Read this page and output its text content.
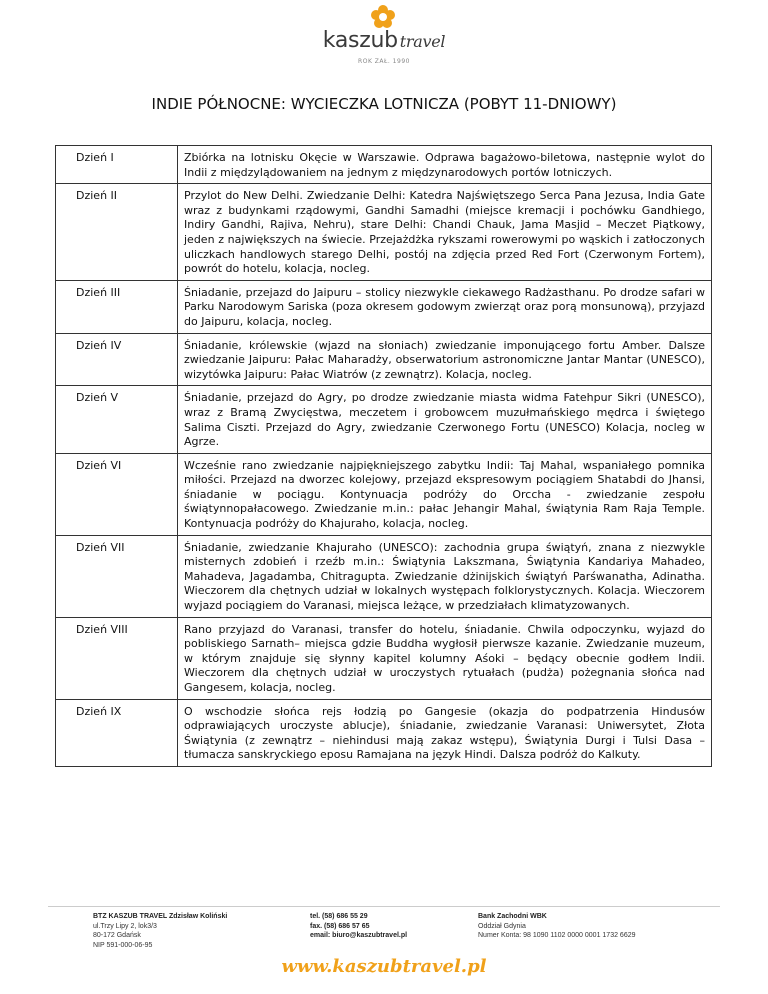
kaszub travel
ROK ZAŁ. 1990
INDIE PÓŁNOCNE: WYCIECZKA LOTNICZA (POBYT 11-DNIOWY)
Dzień I	Zbiórka na lotnisku Okęcie w Warszawie. Odprawa bagażowo-biletowa, następnie wylot do Indii z międzylądowaniem na jednym z międzynarodowych portów lotniczych.
Dzień II	Przylot do New Delhi. Zwiedzanie Delhi: Katedra Najświętszego Serca Pana Jezusa, India Gate wraz z budynkami rządowymi, Gandhi Samadhi (miejsce kremacji i pochówku Gandhiego, Indiry Gandhi, Rajiva, Nehru), stare Delhi: Chandi Chauk, Jama Masjid – Meczet Piątkowy, jeden z największych na świecie. Przejażdżka rykszami rowerowymi po wąskich i zatłoczonych uliczkach handlowych starego Delhi, postój na zdjęcia przed Red Fort (Czerwonym Fortem), powrót do hotelu, kolacja, nocleg.
Dzień III	Śniadanie, przejazd do Jaipuru – stolicy niezwykle ciekawego Radżasthanu. Po drodze safari w Parku Narodowym Sariska (poza okresem godowym zwierząt oraz porą monsunową), przyjazd do Jaipuru, kolacja, nocleg.
Dzień IV	Śniadanie, królewskie (wjazd na słoniach) zwiedzanie imponującego fortu Amber. Dalsze zwiedzanie Jaipuru: Pałac Maharadży, obserwatorium astronomiczne Jantar Mantar (UNESCO), wizytówka Jaipuru: Pałac Wiatrów (z zewnątrz). Kolacja, nocleg.
Dzień V	Śniadanie, przejazd do Agry, po drodze zwiedzanie miasta widma Fatehpur Sikri (UNESCO), wraz z Bramą Zwycięstwa, meczetem i grobowcem muzułmańskiego mędrca i świętego Salima Ciszti. Przejazd do Agry, zwiedzanie Czerwonego Fortu (UNESCO) Kolacja, nocleg w Agrze.
Dzień VI	Wcześnie rano zwiedzanie najpiękniejszego zabytku Indii: Taj Mahal, wspaniałego pomnika miłości. Przejazd na dworzec kolejowy, przejazd ekspresowym pociągiem Shatabdi do Jhansi, śniadanie w pociągu. Kontynuacja podróży do Orccha - zwiedzanie zespołu świątynnopałacowego. Zwiedzanie m.in.: pałac Jehangir Mahal, świątynia Ram Raja Temple. Kontynuacja podróży do Khajuraho, kolacja, nocleg.
Dzień VII	Śniadanie, zwiedzanie Khajuraho (UNESCO): zachodnia grupa świątyń, znana z niezwykle misternych zdobień i rzeźb m.in.: Świątynia Lakszmana, Świątynia Kandariya Mahadeo, Mahadeva, Jagadamba, Chitragupta. Zwiedzanie dżinijskich świątyń Parśwanatha, Adinatha. Wieczorem dla chętnych udział w lokalnych występach folklorystycznych. Kolacja. Wieczorem wyjazd pociągiem do Varanasi, miejsca leżące, w przedziałach klimatyzowanych.
Dzień VIII	Rano przyjazd do Varanasi, transfer do hotelu, śniadanie. Chwila odpoczynku, wyjazd do pobliskiego Sarnath– miejsca gdzie Buddha wygłosił pierwsze kazanie. Zwiedzanie muzeum, w którym znajduje się słynny kapitel kolumny Aśoki – będący obecnie godłem Indii. Wieczorem dla chętnych udział w uroczystych rytuałach (pudża) pożegnania słońca nad Gangesem, kolacja, nocleg.
Dzień IX	O wschodzie słońca rejs łodzią po Gangesie (okazja do podpatrzenia Hindusów odprawiających uroczyste ablucje), śniadanie, zwiedzanie Varanasi: Uniwersytet, Złota Świątynia (z zewnątrz – niehindusi mają zakaz wstępu), Świątynia Durgi i Tulsi Dasa – tłumacza sanskryckiego eposu Ramajana na język Hindi. Dalsza podróż do Kalkuty.
BTZ KASZUB TRAVEL Zdzisław Koliński
ul.Trzy Lipy 2, lok3/3
80-172 Gdańsk
NIP 591-000-06-95
tel. (58) 686 55 29
fax. (58) 686 57 65
email: biuro@kaszubtravel.pl
Bank Zachodni WBK
Oddział Gdynia
Numer Konta: 98 1090 1102 0000 0001 1732 6629
www.kaszubtravel.pl
